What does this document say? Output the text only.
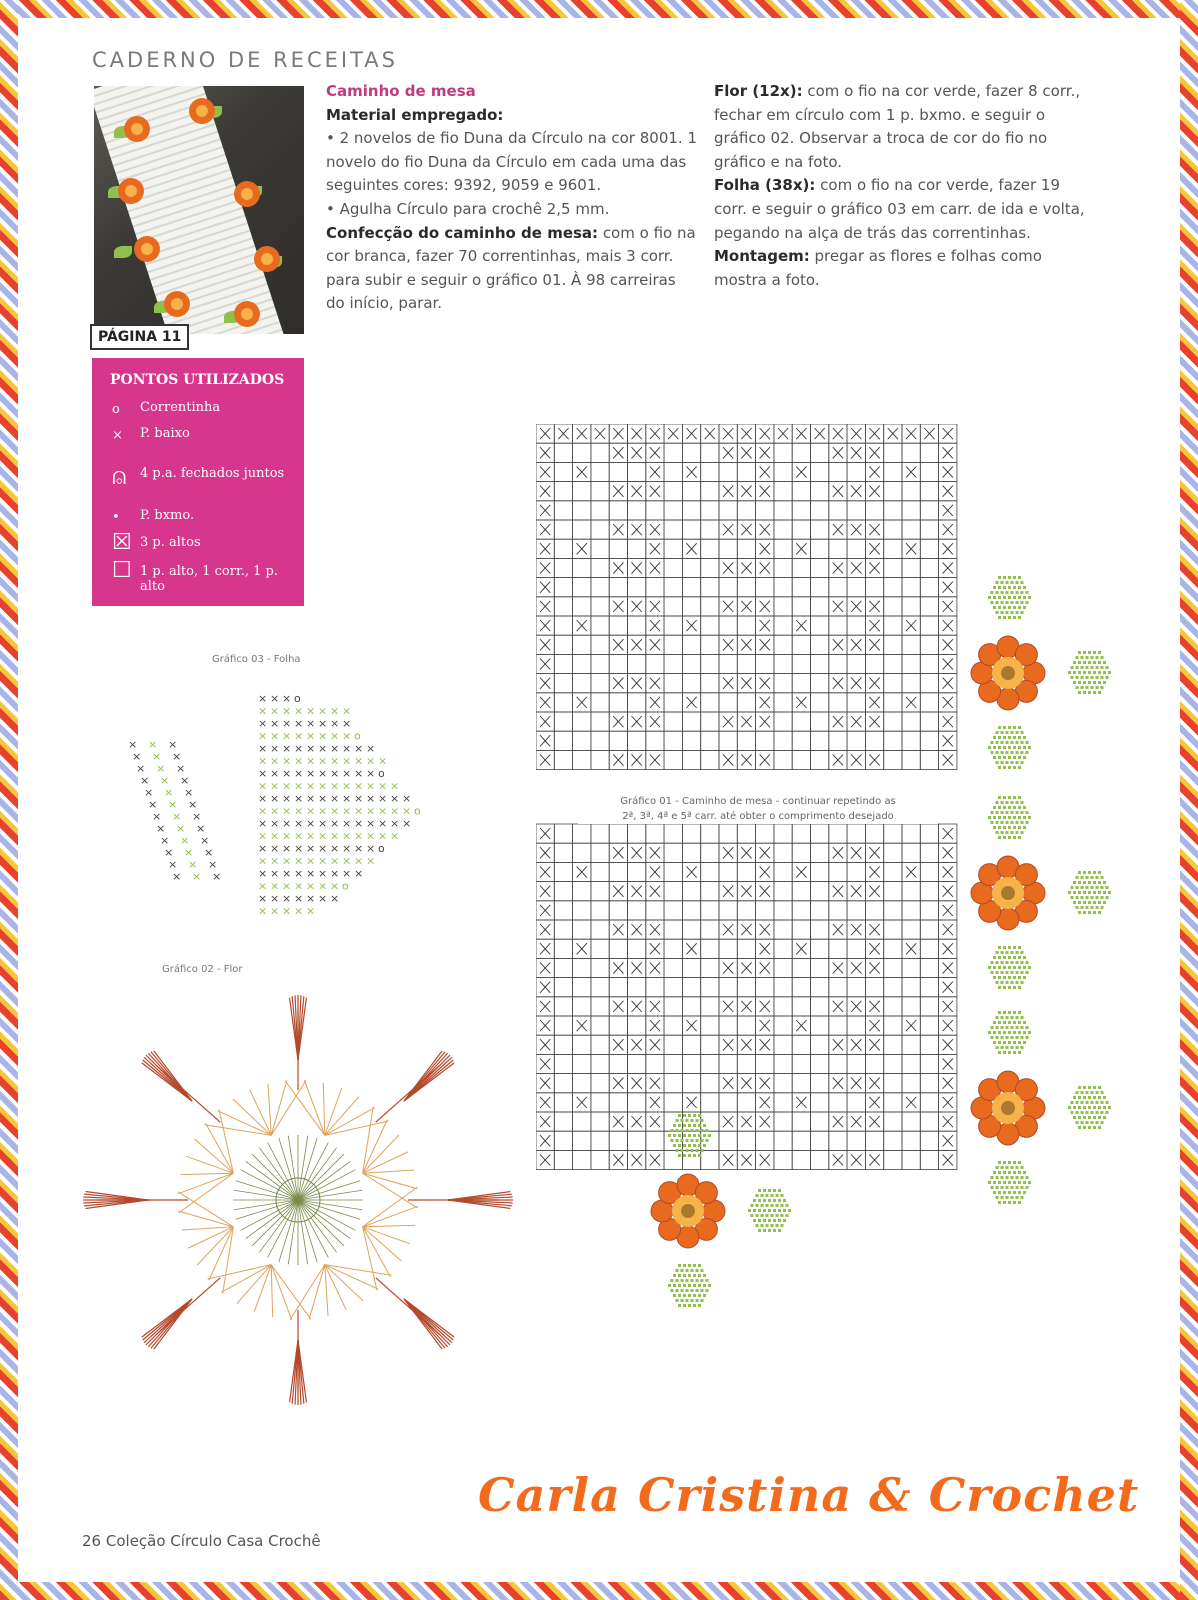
CADERNO DE RECEITAS
PÁGINA 11
PONTOS UTILIZADOS
o Correntinha
× P. baixo
⍝ 4 p.a. fechados juntos
• P. bxmo.
☒ 3 p. altos
☐ 1 p. alto, 1 corr., 1 p. alto
Caminho de mesa
Material empregado:
• 2 novelos de fio Duna da Círculo na cor 8001. 1 novelo do fio Duna da Círculo em cada uma das seguintes cores: 9392, 9059 e 9601.
• Agulha Círculo para crochê 2,5 mm.
Confecção do caminho de mesa: com o fio na cor branca, fazer 70 correntinhas, mais 3 corr. para subir e seguir o gráfico 01. À 98 carreiras do início, parar.
Flor (12x): com o fio na cor verde, fazer 8 corr., fechar em círculo com 1 p. bxmo. e seguir o gráfico 02. Observar a troca de cor do fio no gráfico e na foto.
Folha (38x): com o fio na cor verde, fazer 19 corr. e seguir o gráfico 03 em carr. de ida e volta, pegando na alça de trás das correntinhas.
Montagem: pregar as flores e folhas como mostra a foto.
Gráfico 01 - Caminho de mesa - continuar repetindo as
2ª, 3ª, 4ª e 5ª carr. até obter o comprimento desejado
Gráfico 03 - Folha
× × × o
× × × × × × × ×
× × × × × × × ×
× × × × × × × × o
× × × × × × × × × ×
× × × × × × × × × × ×
× × × × × × × × × × o
× × × × × × × × × × × ×
× × × × × × × × × × × × ×
× × × × × × × × × × × × × o
× × × × × × × × × × × × ×
× × × × × × × × × × × ×
× × × × × × × × × × o
× × × × × × × × × ×
× × × × × × × × ×
× × × × × × × o
× × × × × × ×
× × × × ×
× × ×
× × ×
× × ×
× × ×
× × ×
× × ×
× × ×
× × ×
× × ×
× × ×
× × ×
× × ×
Gráfico 02 - Flor
26 Coleção Círculo Casa Crochê
Carla Cristina & Crochet
